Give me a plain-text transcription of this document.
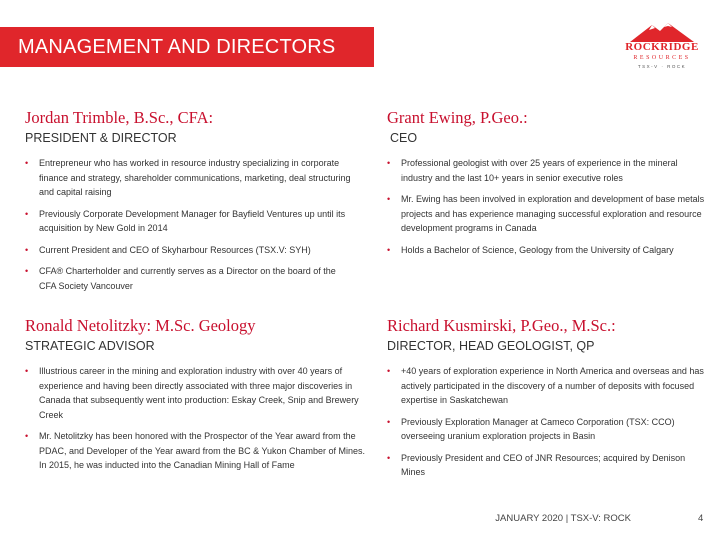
MANAGEMENT AND DIRECTORS	ROCKRIDGE
RESOURCES
TSX-V · ROCK
Jordan Trimble, B.Sc., CFA:
PRESIDENT & DIRECTOR
• Entrepreneur who has worked in resource industry specializing in corporate finance and strategy, shareholder communications, marketing, deal structuring and capital raising
• Previously Corporate Development Manager for Bayfield Ventures up until its acquisition by New Gold in 2014
• Current President and CEO of Skyharbour Resources (TSX.V: SYH)
• CFA® Charterholder and currently serves as a Director on the board of the CFA Society Vancouver
Grant Ewing, P.Geo.:
CEO
• Professional geologist with over 25 years of experience in the mineral industry and the last 10+ years in senior executive roles
• Mr. Ewing has been involved in exploration and development of base metals projects and has experience managing successful exploration and resource development programs in Canada
• Holds a Bachelor of Science, Geology from the University of Calgary
Ronald Netolitzky: M.Sc. Geology
STRATEGIC ADVISOR
• Illustrious career in the mining and exploration industry with over 40 years of experience and having been directly associated with three major discoveries in Canada that subsequently went into production: Eskay Creek, Snip and Brewery Creek
• Mr. Netolitzky has been honored with the Prospector of the Year award from the PDAC, and Developer of the Year award from the BC & Yukon Chamber of Mines. In 2015, he was inducted into the Canadian Mining Hall of Fame
Richard Kusmirski, P.Geo., M.Sc.:
DIRECTOR, HEAD GEOLOGIST, QP
• +40 years of exploration experience in North America and overseas and has actively participated in the discovery of a number of deposits with focused expertise in Saskatchewan
• Previously Exploration Manager at Cameco Corporation (TSX: CCO) overseeing uranium exploration projects in Basin
• Previously President and CEO of JNR Resources; acquired by Denison Mines
JANUARY 2020 | TSX-V: ROCK	4
